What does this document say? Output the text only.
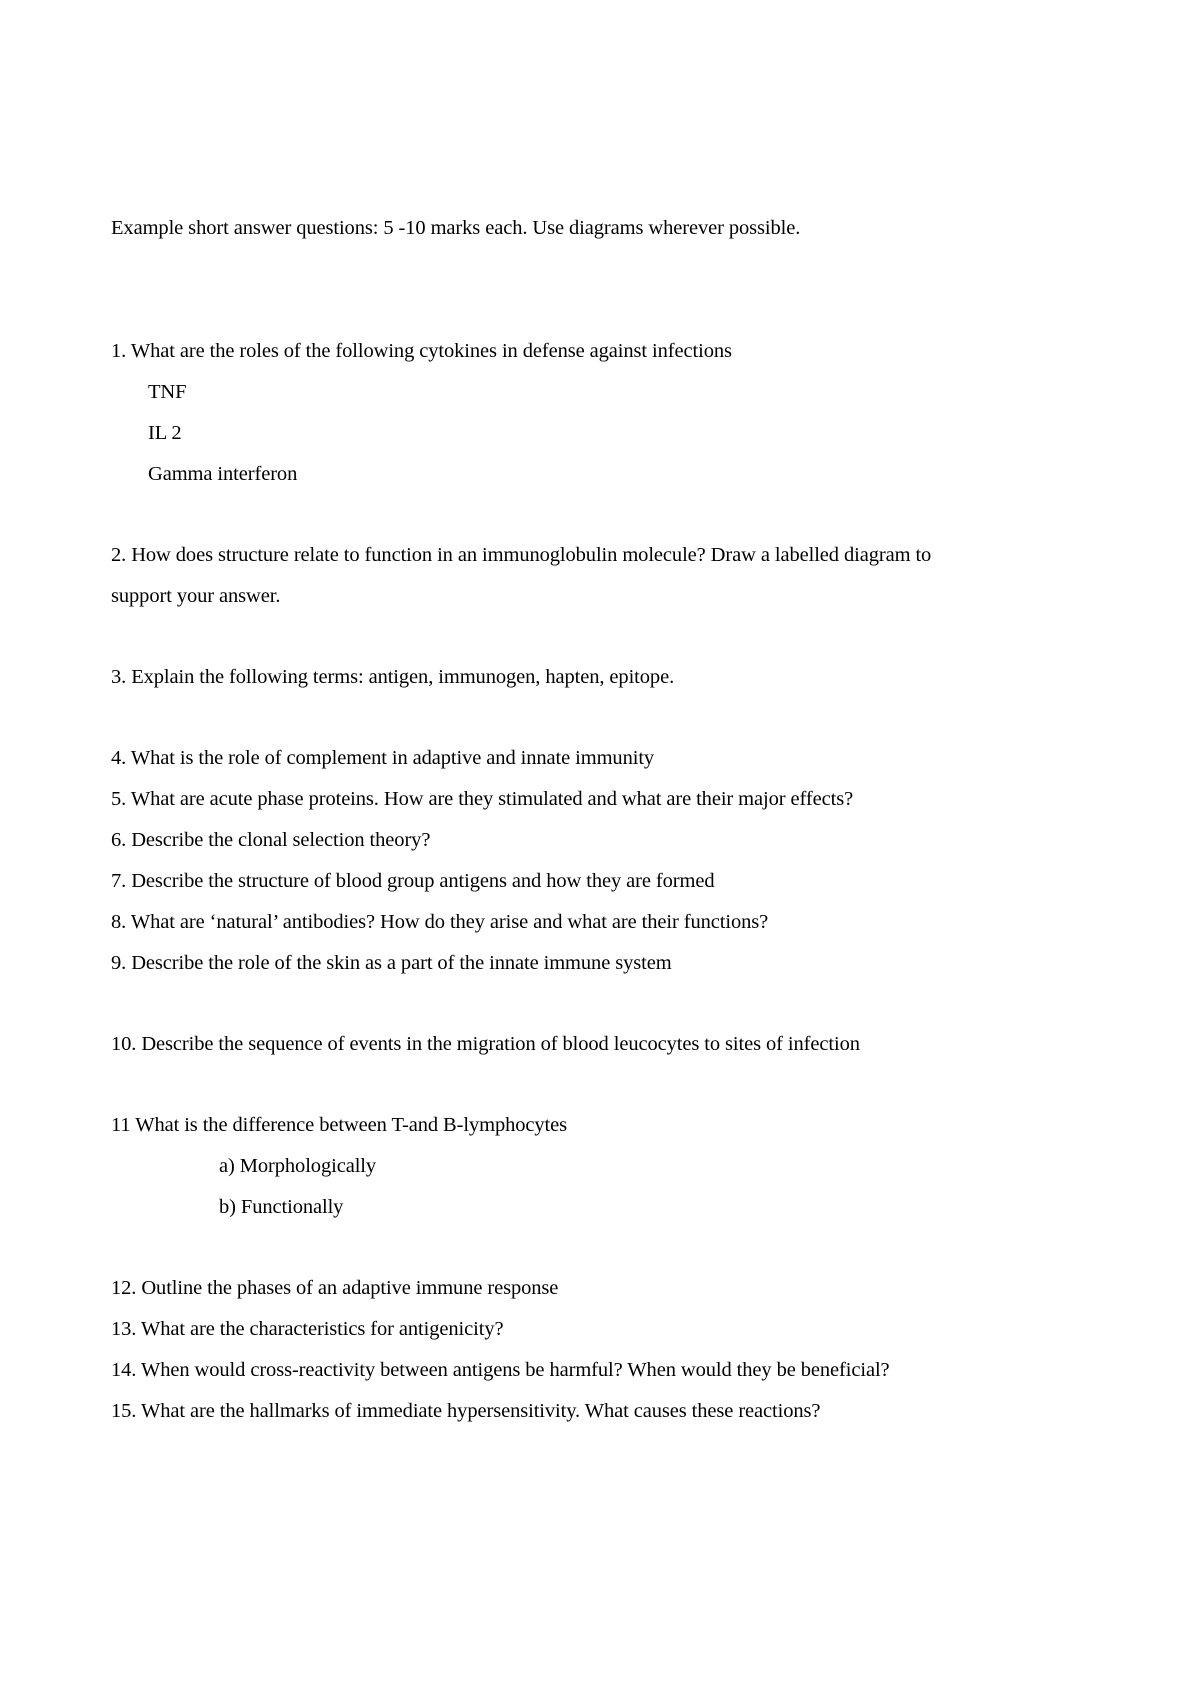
Example short answer questions: 5 -10 marks each. Use diagrams wherever possible.
1. What are the roles of the following cytokines in defense against infections
TNF
IL 2
Gamma interferon
2. How does structure relate to function in an immunoglobulin molecule? Draw a labelled diagram to
support your answer.
3. Explain the following terms: antigen, immunogen, hapten, epitope.
4. What is the role of complement in adaptive and innate immunity
5. What are acute phase proteins. How are they stimulated and what are their major effects?
6. Describe the clonal selection theory?
7. Describe the structure of blood group antigens and how they are formed
8. What are ‘natural’ antibodies? How do they arise and what are their functions?
9. Describe the role of the skin as a part of the innate immune system
10. Describe the sequence of events in the migration of blood leucocytes to sites of infection
11 What is the difference between T-and B-lymphocytes
a) Morphologically
b) Functionally
12. Outline the phases of an adaptive immune response
13. What are the characteristics for antigenicity?
14. When would cross-reactivity between antigens be harmful? When would they be beneficial?
15. What are the hallmarks of immediate hypersensitivity. What causes these reactions?
